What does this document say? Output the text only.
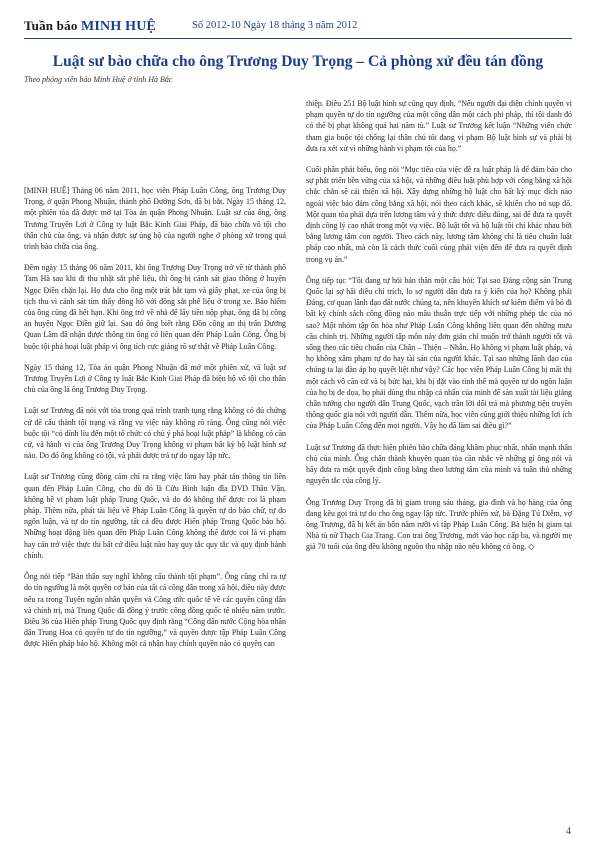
Tuần báo MINH HUỆ	Số 2012-10 Ngày 18 tháng 3 năm 2012
Luật sư bào chữa cho ông Trương Duy Trọng – Cả phòng xử đều tán đồng
Theo phóng viên báo Minh Huệ ở tỉnh Hà Bắc

[MINH HUỆ] Tháng 06 năm 2011, học viên Pháp Luân Công, ông Trương Duy Trọng, ở quận Phong Nhuận, thành phố Đường Sơn, đã bị bắt. Ngày 15 tháng 12, một phiên tòa đã được mở tại Tòa án quận Phong Nhuận. Luật sư của ông, ông Trương Truyền Lợi ở Công ty luật Bắc Kinh Giai Pháp, đã bào chữa vô tội cho thân chủ của ông, và nhận được sự ủng hộ của người nghe ở phòng xử trong quá trình bào chữa của ông.

Đêm ngày 15 tháng 06 năm 2011, khi ông Trương Duy Trọng trở về từ thành phố Tam Hà sau khi đi thu nhặt sắt phế liệu, thì ông bị cảnh sát giao thông ở huyện Ngọc Điền chặn lại. Họ đưa cho ông một trát bắt tạm và giấy phạt, xe của ông bị tịch thu vì cảnh sát tìm thấy đồng hồ với đồng sắt phế liệu ở trong xe. Bảo hiểm của ông cũng đã hết hạn. Khi ông trở về nhà để lấy tiền nộp phạt, ông đã bị công an huyện Ngọc Điền giữ lại. Sau đó ông biết rằng Đồn công an thị trấn Dương Quan Lâm đã nhận được thông tin ông có liên quan đến Pháp Luân Công. Ông bị buộc tội phá hoại luật pháp vì ông tích cực giảng rõ sự thật về Pháp Luân Công.

Ngày 15 tháng 12, Tòa án quận Phong Nhuận đã mở một phiên xử, và luật sư Trương Truyền Lợi ở Công ty luật Bắc Kinh Giai Pháp đã biện hộ vô tội cho thân chủ của ông là ông Trương Duy Trọng.

Luật sư Trương đã nói với tòa trong quá trình tranh tụng rằng không có đủ chứng cứ để cấu thành tội trạng và rằng vụ việc này không rõ ràng. Ông cũng nói việc buộc tội “có dính líu đến một tổ chức có chủ ý phá hoại luật pháp” là không có căn cứ, và hành vi của ông Trương Duy Trọng không vi phạm bất kỳ bộ luật hình sự nào. Do đó ông không có tội, và phải được trả tự do ngay lập tức.

Luật sư Trương cũng đồng cảm chỉ ra rằng việc làm hay phát tán thông tin liên quan đến Pháp Luân Công, cho dù đó là Cửu Bình luận đĩa DVD Thần Vận, không hề vi phạm luật pháp Trung Quốc, và do đó không thể được coi là phạm pháp. Thêm nữa, phát tài liệu về Pháp Luân Công là quyền tự do bào chữ, tự do ngôn luận, và tự do tín ngưỡng, tất cả đều được Hiến pháp Trung Quốc bảo hộ. Những hoạt động liên quan đến Pháp Luân Công không thể được coi là vi phạm hay cản trở việc thực thi bất cứ điều luật nào hay quy tắc quy tắc và quy định hành chính.

Ông nói tiếp “Bản thân suy nghĩ không cấu thành tội phạm”. Ông cũng chỉ ra tự do tín ngưỡng là một quyền cơ bản của tất cả công dân trong xã hội, điều này được nêu ra trong Tuyên ngôn nhân quyền và Công ước quốc tế về các quyền công dân và chính trị, mà Trung Quốc đã đồng ý trước công đồng quốc tế nhiều năm trước. Điều 36 của Hiến pháp Trung Quốc quy định rằng “Công dân nước Cộng hòa nhân dân Trung Hoa có quyền tự do tín ngưỡng,” và quyền được tập Pháp Luân Công được Hiến pháp bảo hộ. Không một cá nhân hay chính quyền nào có quyền can

thiệp. Điều 251 Bộ luật hình sự cũng quy định, “Nếu người đại diện chính quyền vi phạm quyền tự do tín ngưỡng của một công dân một cách phi pháp, thì tội danh đó có thể bị phạt không quá hai năm tù.” Luật sư Trương kết luận “Những viên chức tham gia buộc tội chống lại thân chủ tôi đang vi phạm Bộ luật hình sự và phải bị đưa ra xét xử vì những hành vi phạm tội của họ.”

Cuối phần phát biểu, ông nói “Mục tiêu của việc đề ra luật pháp là để đảm bảo cho sự phát triển bền vững của xã hội, và những điều luật phù hợp với công bằng xã hội chắc chắn sẽ cải thiện xã hội. Xây dựng những bộ luật cho bất kỳ mục đích nào ngoài việc bảo đảm công bằng xã hội, nói theo cách khác, sẽ khiến cho nó sụp đổ. Một quan tòa phải dựa trên lương tâm và ý thức được điều đúng, sai để đưa ra quyết định công lý cao nhất trong một vụ việc. Bộ luật tốt và bộ luật tồi chỉ khác nhau bởi bằng lương tâm con người. Theo cách này, lương tâm không chỉ là tiêu chuẩn luật pháp cao nhất, mà còn là cách thức cuối cùng phải viện đến để đưa ra quyết định trong vụ án.”

Ông tiếp tục “Tôi đang tự hỏi bản thân một câu hỏi: Tại sao Đảng cộng sản Trung Quốc lại sợ hãi điều chỉ trích, lo sợ người dân đưa ra ý kiến của họ? Không phải Đảng, cơ quan lãnh đạo đất nước chúng ta, nên khuyến khích sự kiểm điểm và bỏ đi bất kỳ chính sách công đồng nào mâu thuẫn trực tiếp với những phép tắc của nó sao? Một nhóm tập ôn hòa như Pháp Luân Công không liên quan đến những mưu cầu chính trị. Những người tập môn này đơn giản chỉ muốn trở thành người tốt và sống theo các tiêu chuẩn của Chân – Thiện – Nhẫn. Họ không vi phạm luật pháp, và họ không xâm phạm tự do hay tài sản của người khác. Tại sao những lãnh đạo của chúng ta lại đàn áp họ quyết liệt như vậy? Các học viên Pháp Luân Công bị mất thị một cách vô căn cứ và bị bức hại, khi bị đặt vào tình thế mà quyền tự do ngôn luận của họ bị đe dọa, họ phải dùng thu nhập cá nhân của mình để sản xuất tài liệu giảng chân tướng cho người dân Trung Quốc, vạch trần lời dối trá mà phương tiện truyền thông quốc gia nói với người dân. Thêm nữa, học viên cũng giới thiệu những lợi ích của Pháp Luân Công đến mọi người. Vậy họ đã làm sai điều gì?”

Luật sư Trương đã thực hiện phiên bào chữa đáng khâm phục nhất, nhấn mạnh thân chủ của mình. Ông chân thành khuyên quan tòa cần nhắc về những gì ông nói và hãy đưa ra một quyết định công bằng theo lương tâm của mình và tuân thủ những nguyên tắc của công lý.

Ông Trương Duy Trọng đã bị giam trong sáu tháng, gia đình và họ hàng của ông đang kêu gọi trả tự do cho ông ngay lập tức. Trước phiên xử, bà Đặng Tú Diễm, vợ ông Trương, đã bị kết án bốn năm rưỡi vì tập Pháp Luân Công. Bà hiện bị giam tại Nhà tù nữ Thạch Gia Trang. Con trai ông Trương, mới vào học cấp ba, và người mẹ già 70 tuổi của ông đều không nguồn thu nhập nào nếu không có ông. ◇

4
